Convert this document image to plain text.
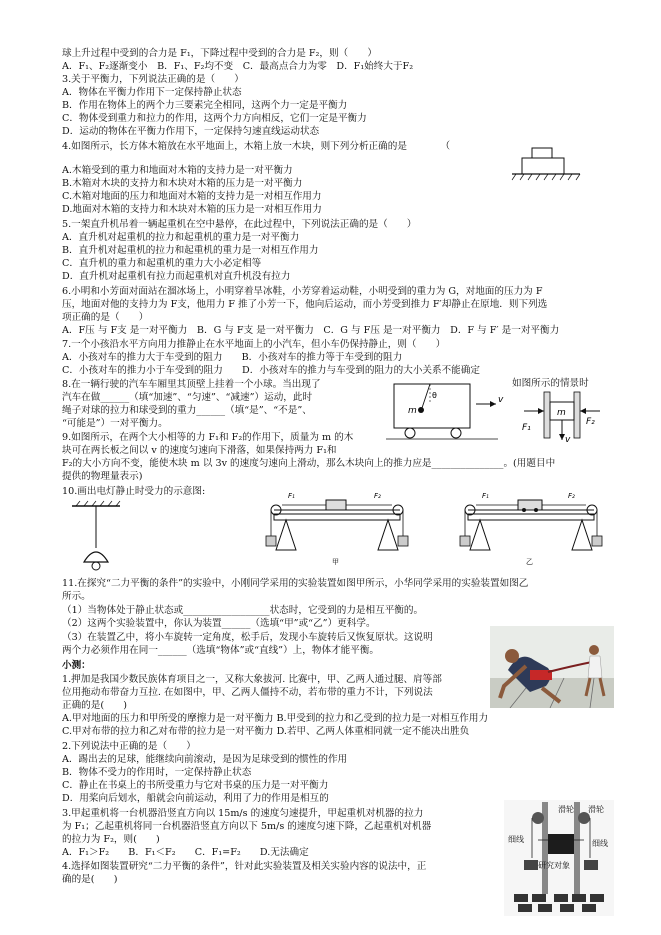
球上升过程中受到的合力是 F₁，下降过程中受到的合力是 F₂，则（　　）
A．F₁、F₂逐渐变小　B．F₁、F₂均不变　C．最高点合力为零　D．F₁始终大于F₂
3.关于平衡力，下列说法正确的是（　　）
A．物体在平衡力作用下一定保持静止状态
B．作用在物体上的两个力三要素完全相同，这两个力一定是平衡力
C．物体受到重力和拉力的作用，这两个力方向相反，它们一定是平衡力
D．运动的物体在平衡力作用下，一定保持匀速直线运动状态
4.如图所示，长方体木箱放在水平地面上，木箱上放一木块，则下列分析正确的是　　　　（
A.木箱受到的重力和地面对木箱的支持力是一对平衡力
B.木箱对木块的支持力和木块对木箱的压力是一对平衡力
C.木箱对地面的压力和地面对木箱的支持力是一对相互作用力
D.地面对木箱的支持力和木块对木箱的压力是一对相互作用力
5.一架直升机吊着一辆起重机在空中悬停，在此过程中，下列说法正确的是（　　）
A．直升机对起重机的拉力和起重机的重力是一对平衡力
B．直升机对起重机的拉力和起重机的重力是一对相互作用力
C．直升机的重力和起重机的重力大小必定相等
D．直升机对起重机有拉力而起重机对直升机没有拉力
6.小明和小芳面对面站在溜冰场上，小明穿着旱冰鞋，小芳穿着运动鞋，小明受到的重力为 G，对地面的压力为 F
压，地面对他的支持力为 F支，他用力 F 推了小芳一下，他向后运动，而小芳受到推力 F′却静止在原地．则下列选
项正确的是（　　）
A．F压 与 F支 是一对平衡力　B．G 与 F支 是一对平衡力　C．G 与 F压 是一对平衡力　D．F 与 F′ 是一对平衡力
7.一个小孩沿水平方向用力推静止在水平地面上的小汽车，但小车仍保持静止，则（　　）
A．小孩对车的推力大于车受到的阻力　　B．小孩对车的推力等于车受到的阻力
C．小孩对车的推力小于车受到的阻力　　D．小孩对车的推力与车受到的阻力的大小关系不能确定
8.在一辆行驶的汽车车厢里其顶壁上挂着一个小球。当出现了
汽车在做______（填“加速”、“匀速”、“减速”）运动，此时
绳子对球的拉力和球受到的重力______（填“是”、“不是”、
“可能是”）一对平衡力。
m
θ	v
如图所示的情景时
m
F₁
F₂
v
9.如图所示，在两个大小相等的力 F₁和 F₂的作用下，质量为 m 的木
块可在两长板之间以 v 的速度匀速向下滑落，如果保持两力 F₁和
F₂的大小方向不变，能使木块 m 以 3v 的速度匀速向上滑动，那么木块向上的推力应是_______________。(用题目中
提供的物理量表示)
10.画出电灯静止时受力的示意图:	F₁	F₂
甲
F₁	F₂
乙
11.在探究“二力平衡的条件”的实验中，小刚同学采用的实验装置如图甲所示，小华同学采用的实验装置如图乙
所示。
（1）当物体处于静止状态或__________________状态时，它受到的力是相互平衡的。
（2）这两个实验装置中，你认为装置______（选填“甲”或“乙”）更科学。
（3）在装置乙中，将小车旋转一定角度，松手后，发现小车旋转后又恢复原状。这说明
两个力必须作用在同一______（选填“物体”或“直线”）上，物体才能平衡。
小测：
1.押加是我国少数民族体育项目之一，又称大象拔河. 比赛中，甲、乙两人通过腿、肩等部
位用拖动布带奋力互拉. 在如图中，甲、乙两人僵持不动，若布带的重力不计，下列说法
正确的是(　　)
A.甲对地面的压力和甲所受的摩擦力是一对平衡力 B.甲受到的拉力和乙受到的拉力是一对相互作用力
C.甲对布带的拉力和乙对布带的拉力是一对平衡力 D.若甲、乙两人体重相同就一定不能决出胜负
2.下列说法中正确的是（　　）
A．踢出去的足球，能继续向前滚动，是因为足球受到的惯性的作用
B．物体不受力的作用时，一定保持静止状态
C．静止在书桌上的书所受重力与它对书桌的压力是一对平衡力
D．用桨向后划水，船就会向前运动，利用了力的作用是相互的
3.甲起重机将一台机器沿竖直方向以 15m/s 的速度匀速提升，甲起重机对机器的拉力
为 F₁；乙起重机将同一台机器沿竖直方向以下 5m/s 的速度匀速下降，乙起重机对机器
的拉力为 F₂，则(　　)
A．F₁＞F₂　　B．F₁＜F₂　　C．F₁=F₂　　D.无法确定
4.选择如图装置研究“二力平衡的条件”，针对此实验装置及相关实验内容的说法中，正
确的是(　　)
滑轮 滑轮
细线	细线
研究对象
